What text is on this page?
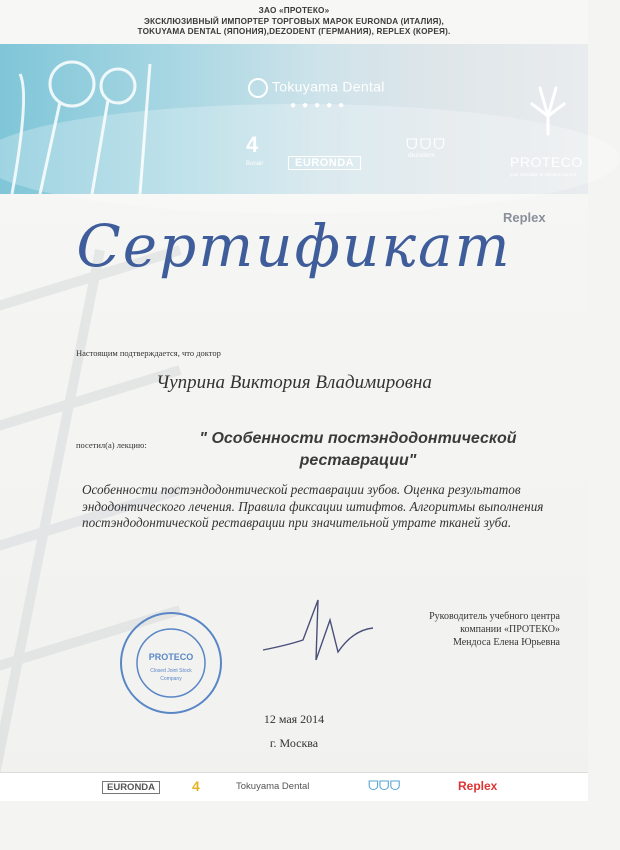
ЗАО «ПРОТЕКО»
ЭКСКЛЮЗИВНЫЙ ИМПОРТЕР ТОРГОВЫХ МАРОК EURONDA (ИТАЛИЯ),
TOKUYAMA DENTAL (ЯПОНИЯ),DEZODENT (ГЕРМАНИЯ), REPLEX (КОРЕЯ).
Tokuyama Dental
●●●●●
4
Bonair	EURONDA
ᗜᗜᗜ
dezodent	PROTECO
your specialist in infection control
Replex
Сертификат
Настоящим подтверждается, что доктор
Чуприна Виктория Владимировна
посетил(а) лекцию:	" Особенности постэндодонтической реставрации"
Особенности постэндодонтической реставрации зубов. Оценка результатов эндодонтического лечения. Правила фиксации штифтов. Алгоритмы выполнения постэндодонтической реставрации при значительной утрате тканей зуба.
PROTECO
Closed Joint Stock
Company
Руководитель учебного центра
компании «ПРОТЕКО»
Мендоса Елена Юрьевна
12 мая 2014
г. Москва
EURONDA	4	Tokuyama Dental	ᗜᗜᗜ	Replex
